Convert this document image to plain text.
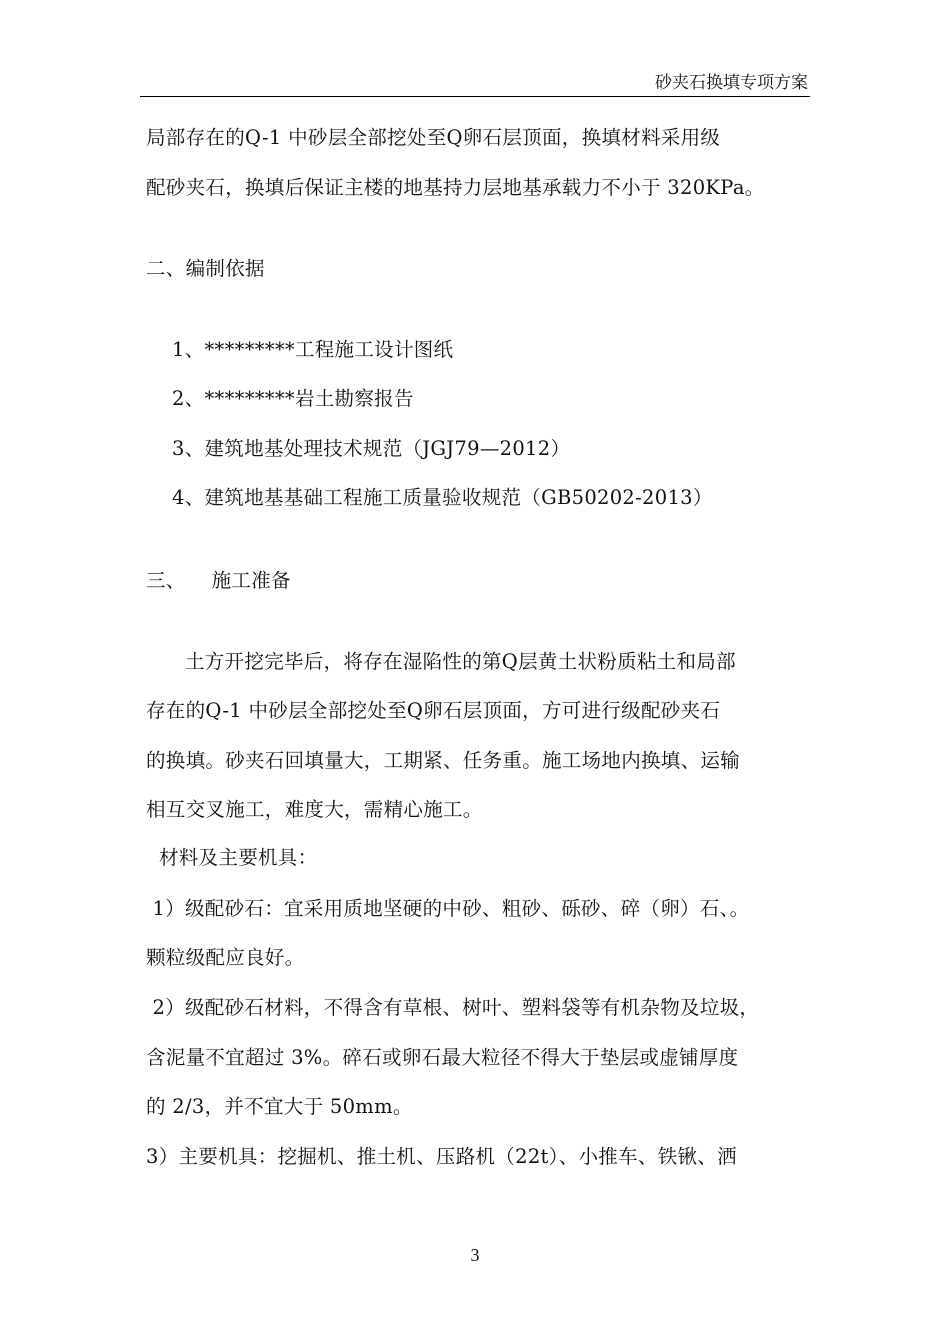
砂夹石换填专项方案
局部存在的Q-1 中砂层全部挖处至Q卵石层顶面，换填材料采用级
配砂夹石，换填后保证主楼的地基持力层地基承载力不小于 320KPa。
二、编制依据
1、*********工程施工设计图纸
2、*********岩土勘察报告
3、建筑地基处理技术规范（JGJ79—2012）
4、建筑地基基础工程施工质量验收规范（GB50202-2013）
三、    施工准备
土方开挖完毕后，将存在湿陷性的第Q层黄土状粉质粘土和局部
存在的Q-1 中砂层全部挖处至Q卵石层顶面，方可进行级配砂夹石
的换填。砂夹石回填量大，工期紧、任务重。施工场地内换填、运输
相互交叉施工，难度大，需精心施工。
材料及主要机具：
1）级配砂石：宜采用质地坚硬的中砂、粗砂、砾砂、碎（卵）石、。
颗粒级配应良好。
2）级配砂石材料，不得含有草根、树叶、塑料袋等有机杂物及垃圾，
含泥量不宜超过 3%。碎石或卵石最大粒径不得大于垫层或虚铺厚度
的 2/3，并不宜大于 50mm。
3）主要机具：挖掘机、推土机、压路机（22t）、小推车、铁锹、洒
3
